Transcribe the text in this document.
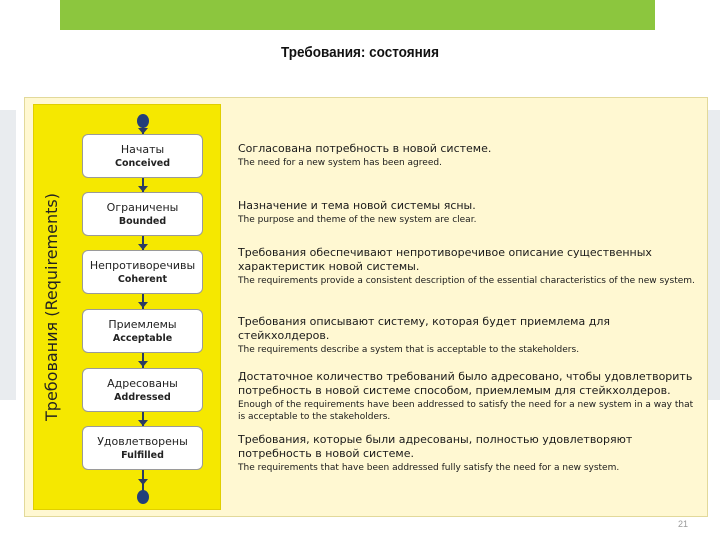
Требования: состояния
Требования (Requirements)
Начаты
Conceived
Ограничены
Bounded
Непротиворечивы
Coherent
Приемлемы
Acceptable
Адресованы
Addressed
Удовлетворены
Fulfilled
Согласована потребность в новой системе.
The need for a new system has been agreed.
Назначение и тема новой системы ясны.
The purpose and theme of the new system are clear.
Требования обеспечивают непротиворечивое описание существенных характеристик новой системы.
The requirements provide a consistent description of the essential characteristics of the new system.
Требования описывают систему, которая будет приемлема для стейкхолдеров.
The requirements describe a system that is acceptable to the stakeholders.
Достаточное количество требований было адресовано, чтобы удовлетворить потребность в новой системе способом, приемлемым для стейкхолдеров.
Enough of the requirements have been addressed to satisfy the need for a new system in a way that is acceptable to the stakeholders.
Требования, которые были адресованы, полностью удовлетворяют потребность в новой системе.
The requirements that have been addressed fully satisfy the need for a new system.
21
